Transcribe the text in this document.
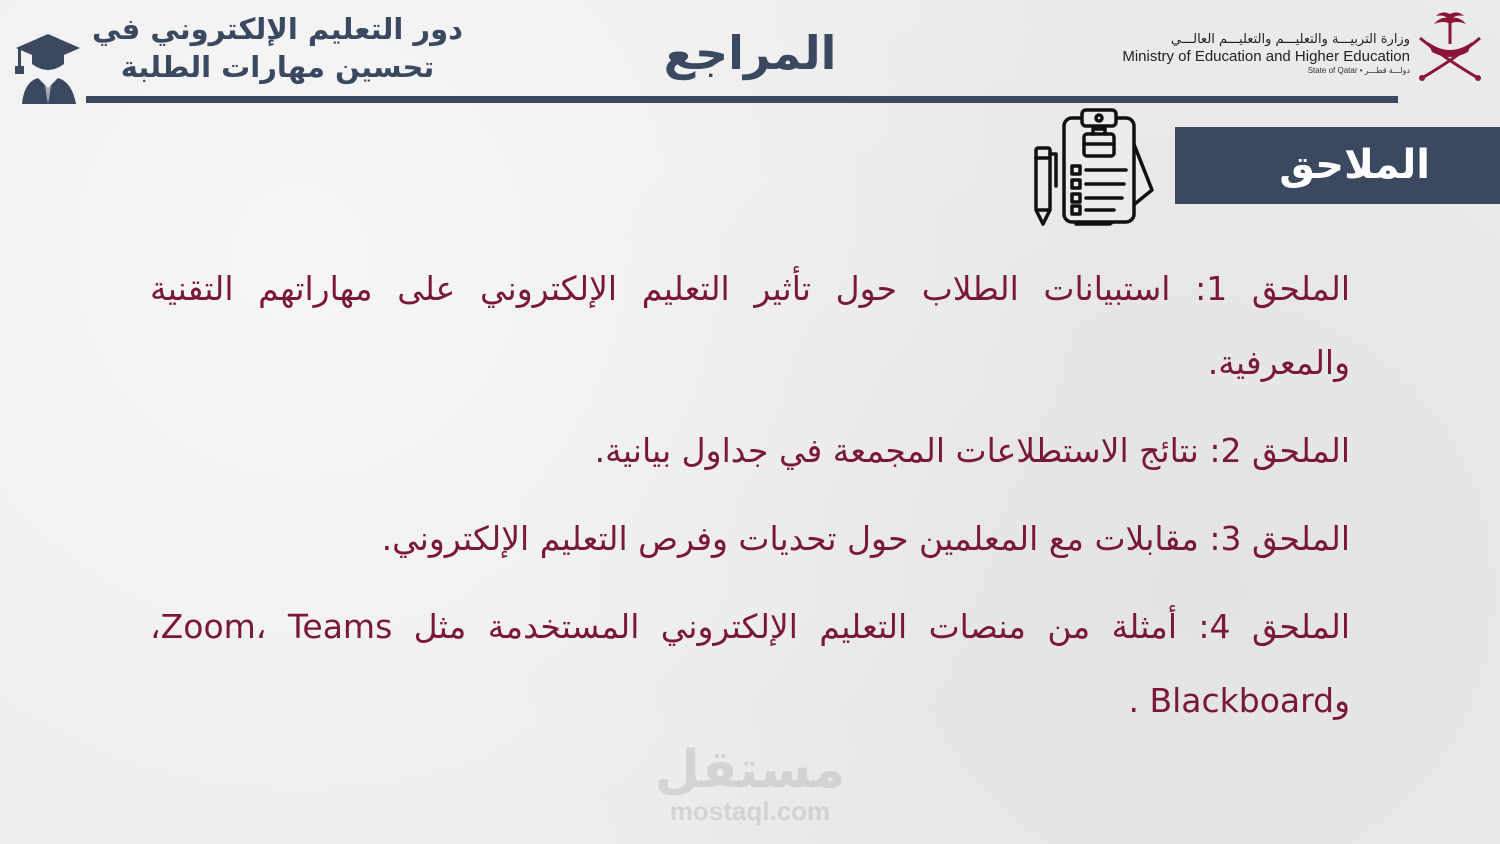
دور التعليم الإلكتروني في
تحسين مهارات الطلبة	المراجع	وزارة التربيـــة والتعليـــم والتعليـــم العالـــي
Ministry of Education and Higher Education
State of Qatar • دولـــة قطـــر
الملاحق

الملحق 1: استبيانات الطلاب حول تأثير التعليم الإلكتروني على مهاراتهم التقنية والمعرفية.

الملحق 2: نتائج الاستطلاعات المجمعة في جداول بيانية.

الملحق 3: مقابلات مع المعلمين حول تحديات وفرص التعليم الإلكتروني.

الملحق 4: أمثلة من منصات التعليم الإلكتروني المستخدمة مثل Zoom، Teams، وBlackboard .

مستقل
mostaql.com
